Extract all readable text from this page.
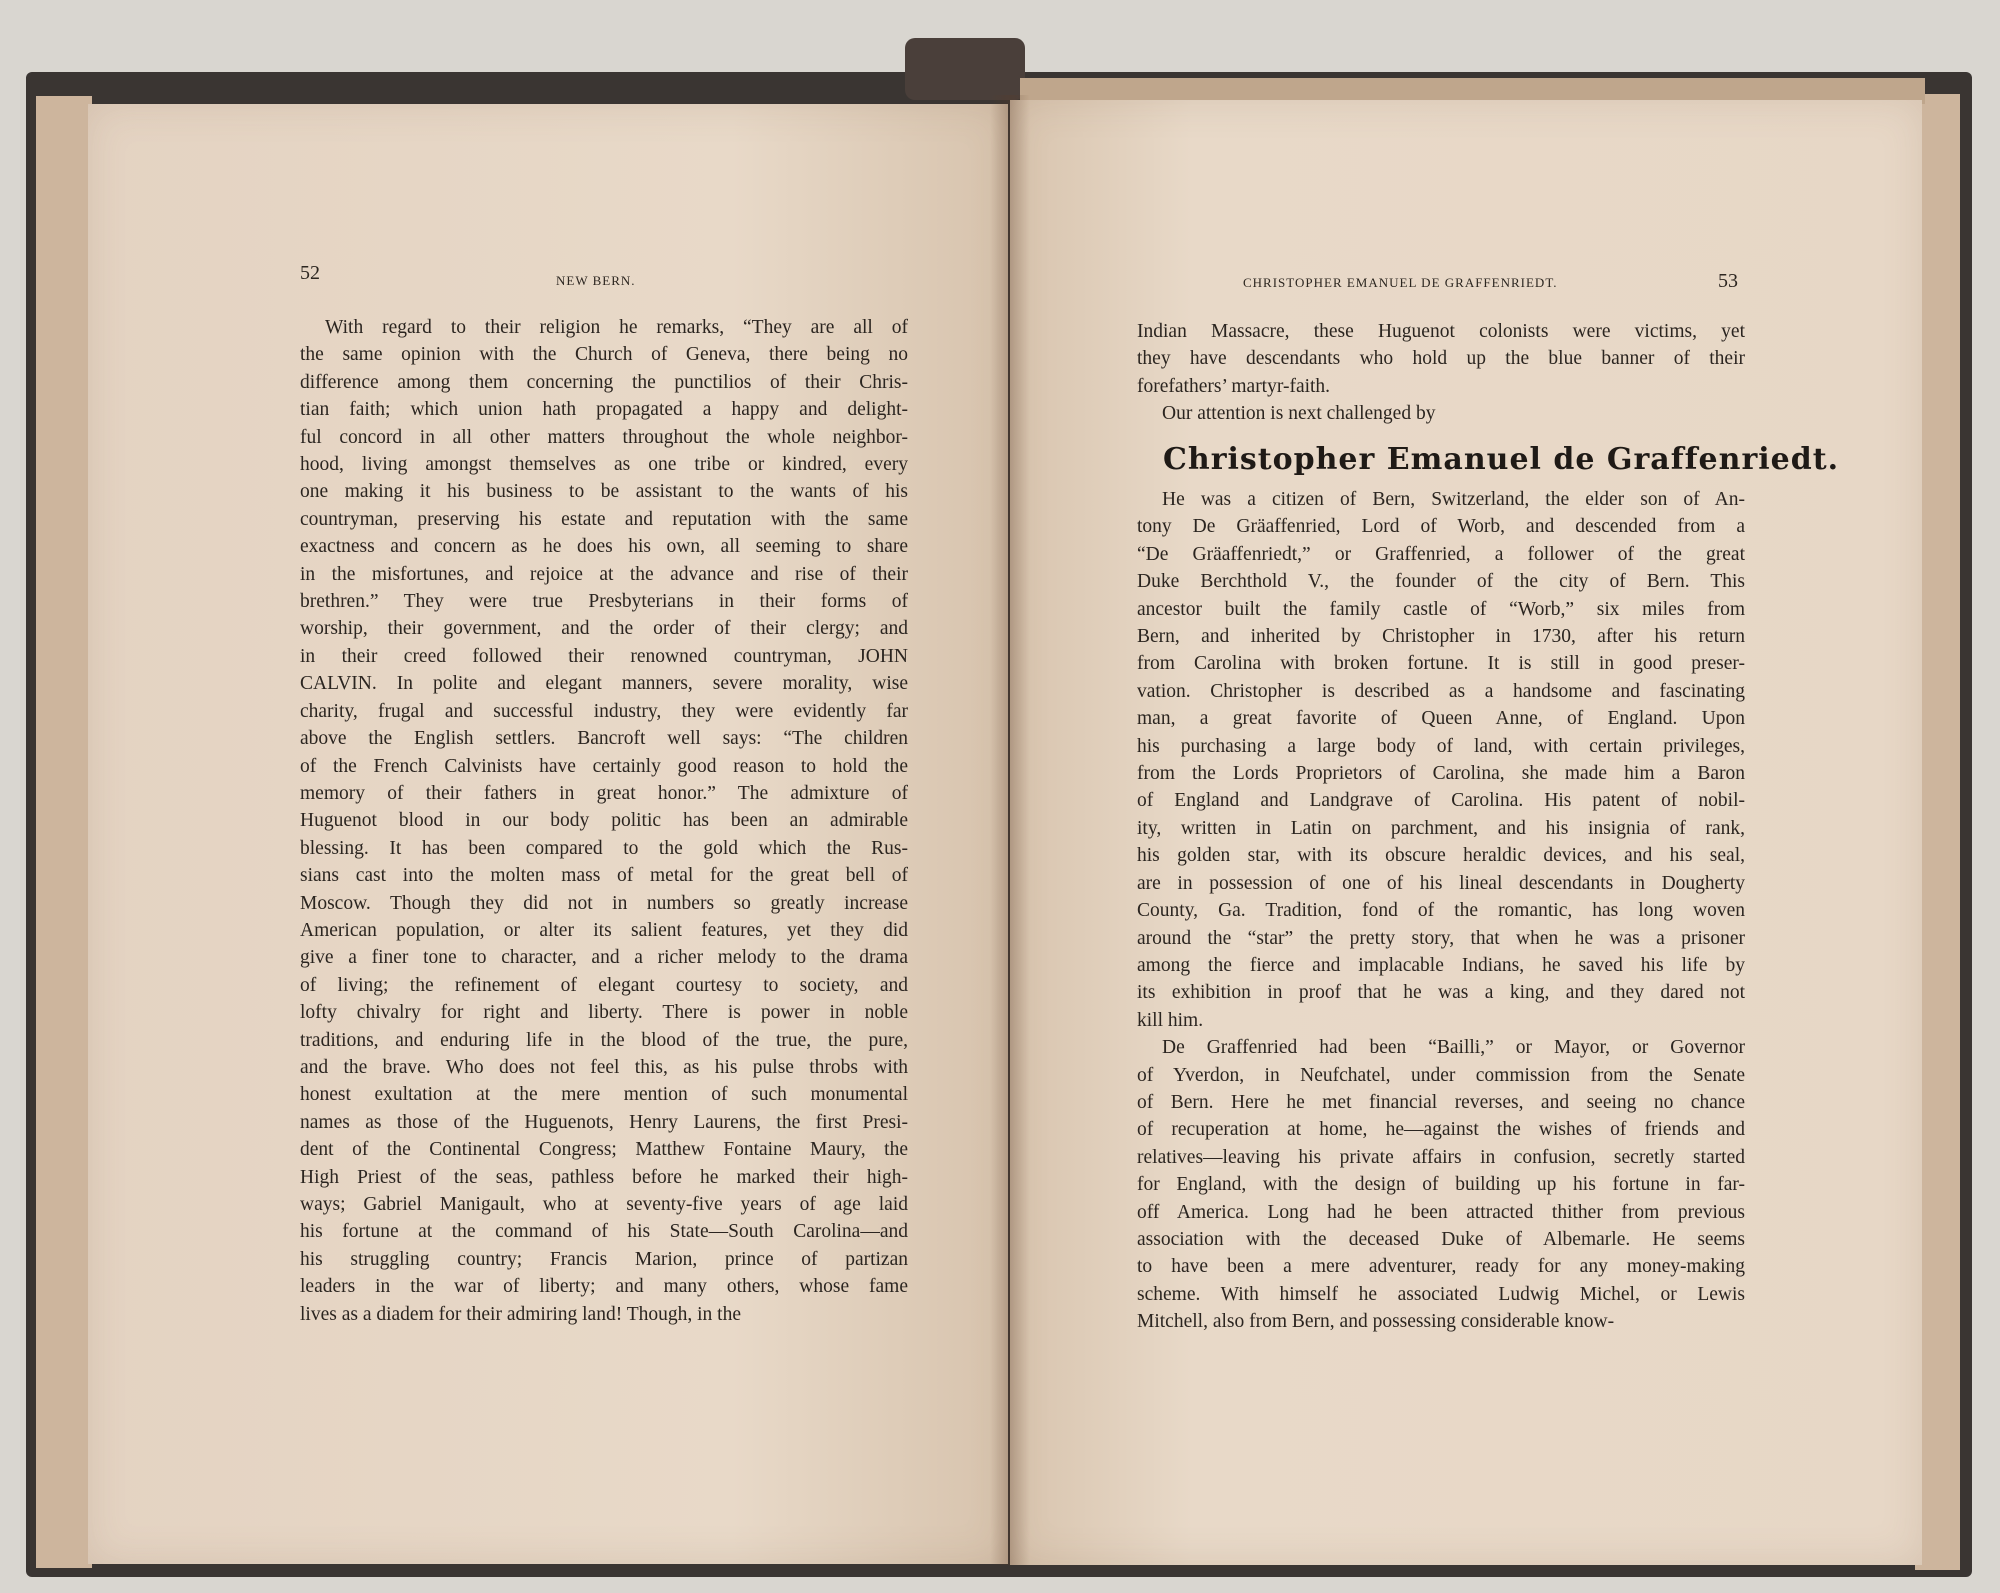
52	NEW BERN.
With regard to their religion he remarks, “They are all of
the same opinion with the Church of Geneva, there being no
difference among them concerning the punctilios of their Chris-
tian faith; which union hath propagated a happy and delight-
ful concord in all other matters throughout the whole neighbor-
hood, living amongst themselves as one tribe or kindred, every
one making it his business to be assistant to the wants of his
countryman, preserving his estate and reputation with the same
exactness and concern as he does his own, all seeming to share
in the misfortunes, and rejoice at the advance and rise of their
brethren.” They were true Presbyterians in their forms of
worship, their government, and the order of their clergy; and
in their creed followed their renowned countryman, JOHN
CALVIN. In polite and elegant manners, severe morality, wise
charity, frugal and successful industry, they were evidently far
above the English settlers. Bancroft well says: “The children
of the French Calvinists have certainly good reason to hold the
memory of their fathers in great honor.” The admixture of
Huguenot blood in our body politic has been an admirable
blessing. It has been compared to the gold which the Rus-
sians cast into the molten mass of metal for the great bell of
Moscow. Though they did not in numbers so greatly increase
American population, or alter its salient features, yet they did
give a finer tone to character, and a richer melody to the drama
of living; the refinement of elegant courtesy to society, and
lofty chivalry for right and liberty. There is power in noble
traditions, and enduring life in the blood of the true, the pure,
and the brave. Who does not feel this, as his pulse throbs with
honest exultation at the mere mention of such monumental
names as those of the Huguenots, Henry Laurens, the first Presi-
dent of the Continental Congress; Matthew Fontaine Maury, the
High Priest of the seas, pathless before he marked their high-
ways; Gabriel Manigault, who at seventy-five years of age laid
his fortune at the command of his State—South Carolina—and
his struggling country; Francis Marion, prince of partizan
leaders in the war of liberty; and many others, whose fame
lives as a diadem for their admiring land! Though, in the
CHRISTOPHER EMANUEL DE GRAFFENRIEDT.	53
Indian Massacre, these Huguenot colonists were victims, yet
they have descendants who hold up the blue banner of their
forefathers’ martyr-faith.
Our attention is next challenged by
Christopher Emanuel de Graffenriedt.
He was a citizen of Bern, Switzerland, the elder son of An-
tony De Gräaffenried, Lord of Worb, and descended from a
“De Gräaffenriedt,” or Graffenried, a follower of the great
Duke Berchthold V., the founder of the city of Bern. This
ancestor built the family castle of “Worb,” six miles from
Bern, and inherited by Christopher in 1730, after his return
from Carolina with broken fortune. It is still in good preser-
vation. Christopher is described as a handsome and fascinating
man, a great favorite of Queen Anne, of England. Upon
his purchasing a large body of land, with certain privileges,
from the Lords Proprietors of Carolina, she made him a Baron
of England and Landgrave of Carolina. His patent of nobil-
ity, written in Latin on parchment, and his insignia of rank,
his golden star, with its obscure heraldic devices, and his seal,
are in possession of one of his lineal descendants in Dougherty
County, Ga. Tradition, fond of the romantic, has long woven
around the “star” the pretty story, that when he was a prisoner
among the fierce and implacable Indians, he saved his life by
its exhibition in proof that he was a king, and they dared not
kill him.
De Graffenried had been “Bailli,” or Mayor, or Governor
of Yverdon, in Neufchatel, under commission from the Senate
of Bern. Here he met financial reverses, and seeing no chance
of recuperation at home, he—against the wishes of friends and
relatives—leaving his private affairs in confusion, secretly started
for England, with the design of building up his fortune in far-
off America. Long had he been attracted thither from previous
association with the deceased Duke of Albemarle. He seems
to have been a mere adventurer, ready for any money-making
scheme. With himself he associated Ludwig Michel, or Lewis
Mitchell, also from Bern, and possessing considerable know-
